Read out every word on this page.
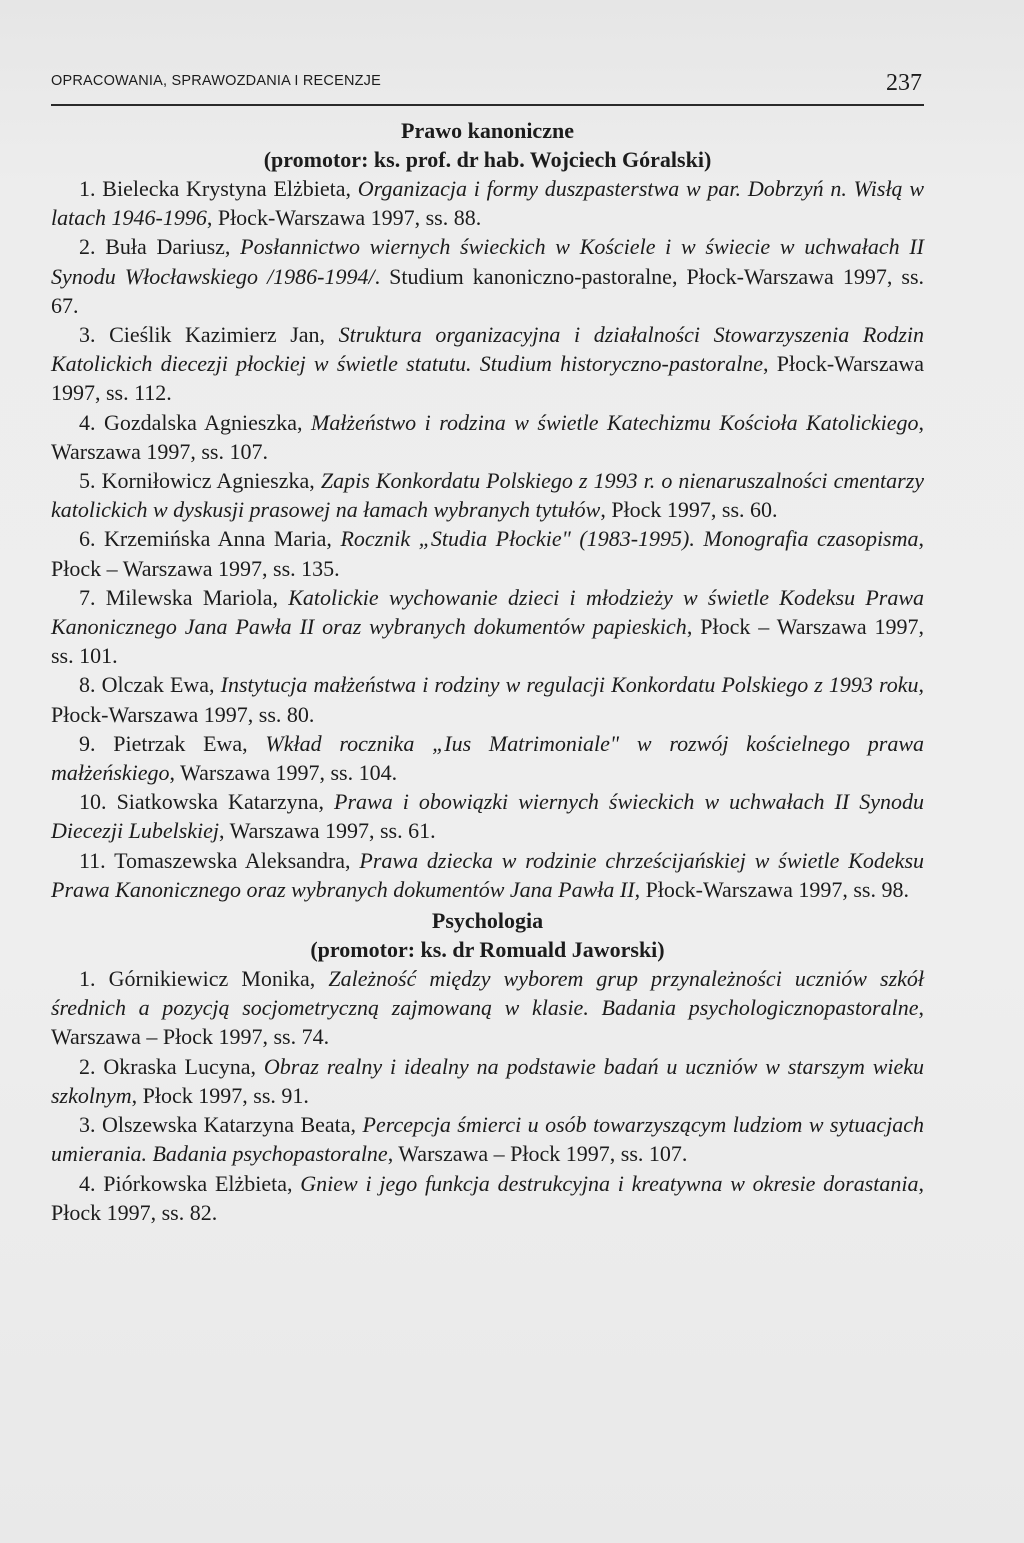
OPRACOWANIA, SPRAWOZDANIA I RECENZJE	237

Prawo kanoniczne

(promotor: ks. prof. dr hab. Wojciech Góralski)

1. Bielecka Krystyna Elżbieta, Organizacja i formy duszpasterstwa w par. Dobrzyń n. Wisłą w latach 1946-1996, Płock-Warszawa 1997, ss. 88.

2. Buła Dariusz, Posłannictwo wiernych świeckich w Kościele i w świecie w uchwałach II Synodu Włocławskiego /1986-1994/. Studium kanoniczno-pastoralne, Płock-Warszawa 1997, ss. 67.

3. Cieślik Kazimierz Jan, Struktura organizacyjna i działalności Stowarzyszenia Rodzin Katolickich diecezji płockiej w świetle statutu. Studium historyczno-pastoralne, Płock-Warszawa 1997, ss. 112.

4. Gozdalska Agnieszka, Małżeństwo i rodzina w świetle Katechizmu Kościoła Katolickiego, Warszawa 1997, ss. 107.

5. Korniłowicz Agnieszka, Zapis Konkordatu Polskiego z 1993 r. o nienaruszalności cmentarzy katolickich w dyskusji prasowej na łamach wybranych tytułów, Płock 1997, ss. 60.

6. Krzemińska Anna Maria, Rocznik „Studia Płockie" (1983-1995). Monografia czasopisma, Płock – Warszawa 1997, ss. 135.

7. Milewska Mariola, Katolickie wychowanie dzieci i młodzieży w świetle Kodeksu Prawa Kanonicznego Jana Pawła II oraz wybranych dokumentów papieskich, Płock – Warszawa 1997, ss. 101.

8. Olczak Ewa, Instytucja małżeństwa i rodziny w regulacji Konkordatu Polskiego z 1993 roku, Płock-Warszawa 1997, ss. 80.

9. Pietrzak Ewa, Wkład rocznika „Ius Matrimoniale" w rozwój kościelnego prawa małżeńskiego, Warszawa 1997, ss. 104.

10. Siatkowska Katarzyna, Prawa i obowiązki wiernych świeckich w uchwałach II Synodu Diecezji Lubelskiej, Warszawa 1997, ss. 61.

11. Tomaszewska Aleksandra, Prawa dziecka w rodzinie chrześcijańskiej w świetle Kodeksu Prawa Kanonicznego oraz wybranych dokumentów Jana Pawła II, Płock-Warszawa 1997, ss. 98.

Psychologia

(promotor: ks. dr Romuald Jaworski)

1. Górnikiewicz Monika, Zależność między wyborem grup przynależności uczniów szkół średnich a pozycją socjometryczną zajmowaną w klasie. Badania psychologicznopastoralne, Warszawa – Płock 1997, ss. 74.

2. Okraska Lucyna, Obraz realny i idealny na podstawie badań u uczniów w starszym wieku szkolnym, Płock 1997, ss. 91.

3. Olszewska Katarzyna Beata, Percepcja śmierci u osób towarzyszącym ludziom w sytuacjach umierania. Badania psychopastoralne, Warszawa – Płock 1997, ss. 107.

4. Piórkowska Elżbieta, Gniew i jego funkcja destrukcyjna i kreatywna w okresie dorastania, Płock 1997, ss. 82.
